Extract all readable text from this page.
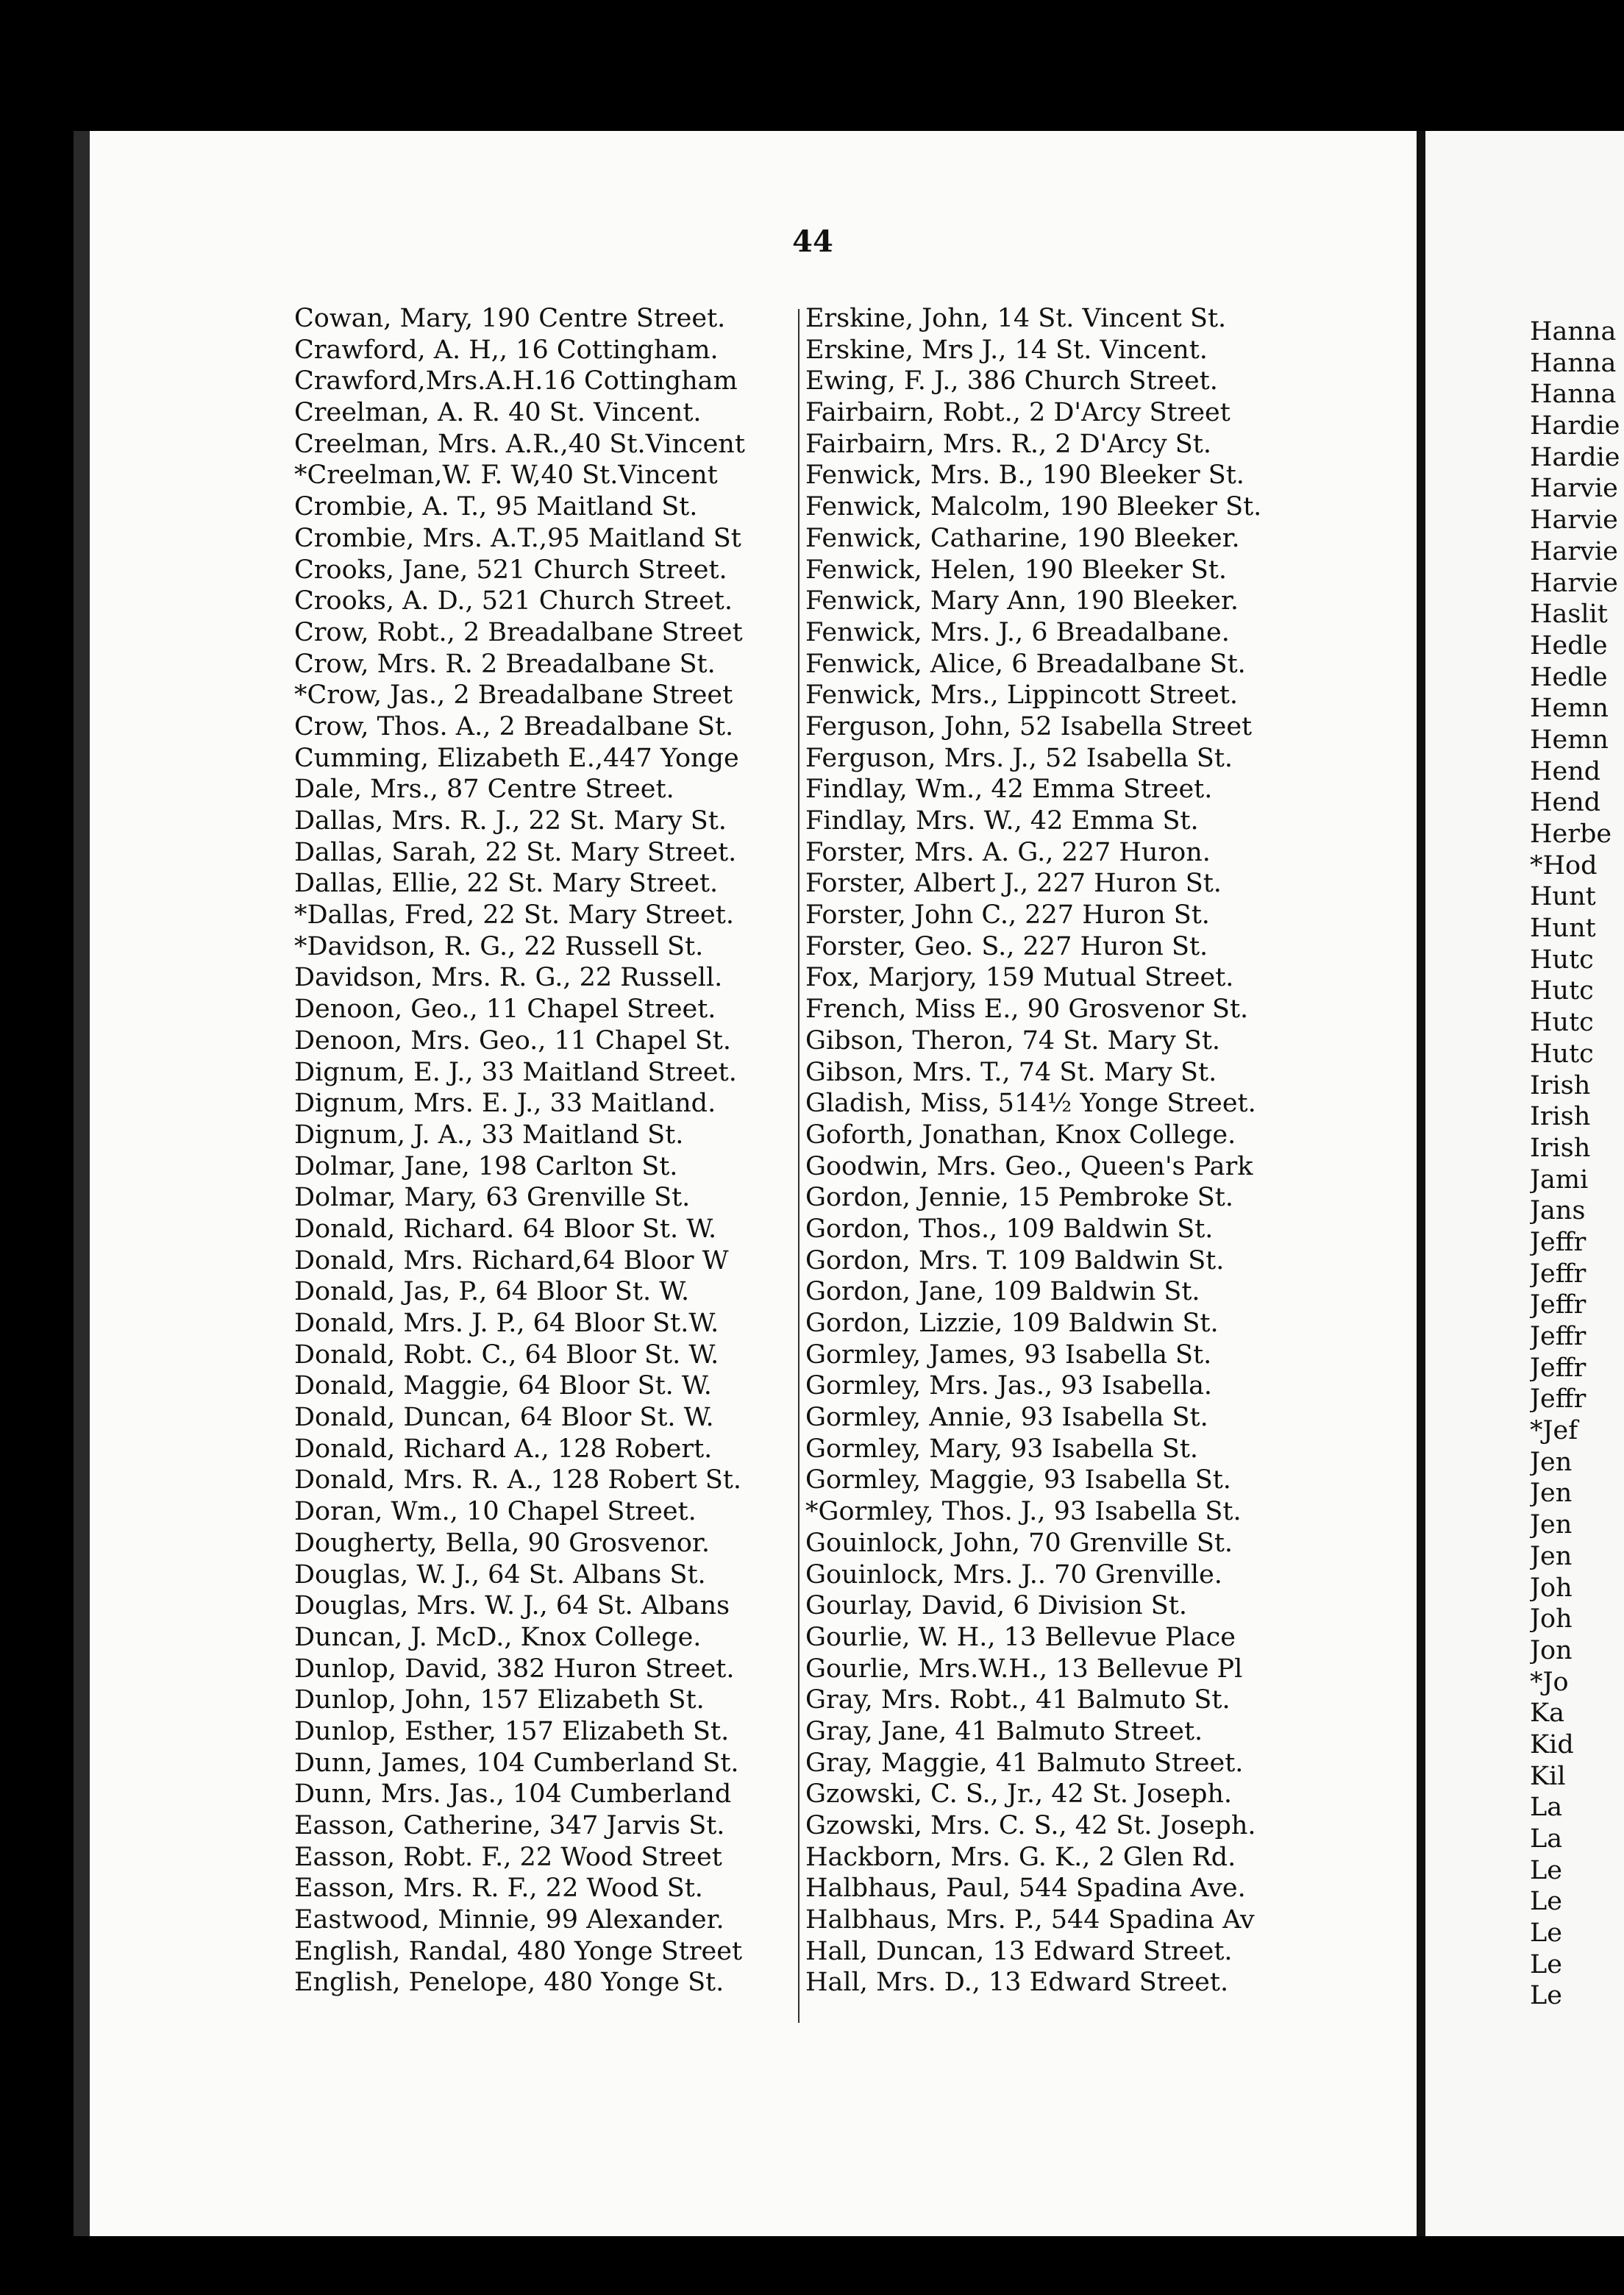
44
Cowan, Mary, 190 Centre Street.
Crawford, A. H,, 16 Cottingham.
Crawford,Mrs.A.H.16 Cottingham
Creelman, A. R. 40 St. Vincent.
Creelman, Mrs. A.R.,40 St.Vincent
*Creelman,W. F. W,40 St.Vincent
Crombie, A. T., 95 Maitland St.
Crombie, Mrs. A.T.,95 Maitland St
Crooks, Jane, 521 Church Street.
Crooks, A. D., 521 Church Street.
Crow, Robt., 2 Breadalbane Street
Crow, Mrs. R. 2 Breadalbane St.
*Crow, Jas., 2 Breadalbane Street
Crow, Thos. A., 2 Breadalbane St.
Cumming, Elizabeth E.,447 Yonge
Dale, Mrs., 87 Centre Street.
Dallas, Mrs. R. J., 22 St. Mary St.
Dallas, Sarah, 22 St. Mary Street.
Dallas, Ellie, 22 St. Mary Street.
*Dallas, Fred, 22 St. Mary Street.
*Davidson, R. G., 22 Russell St.
Davidson, Mrs. R. G., 22 Russell.
Denoon, Geo., 11 Chapel Street.
Denoon, Mrs. Geo., 11 Chapel St.
Dignum, E. J., 33 Maitland Street.
Dignum, Mrs. E. J., 33 Maitland.
Dignum, J. A., 33 Maitland St.
Dolmar, Jane, 198 Carlton St.
Dolmar, Mary, 63 Grenville St.
Donald, Richard. 64 Bloor St. W.
Donald, Mrs. Richard,64 Bloor W
Donald, Jas, P., 64 Bloor St. W.
Donald, Mrs. J. P., 64 Bloor St.W.
Donald, Robt. C., 64 Bloor St. W.
Donald, Maggie, 64 Bloor St. W.
Donald, Duncan, 64 Bloor St. W.
Donald, Richard A., 128 Robert.
Donald, Mrs. R. A., 128 Robert St.
Doran, Wm., 10 Chapel Street.
Dougherty, Bella, 90 Grosvenor.
Douglas, W. J., 64 St. Albans St.
Douglas, Mrs. W. J., 64 St. Albans
Duncan, J. McD., Knox College.
Dunlop, David, 382 Huron Street.
Dunlop, John, 157 Elizabeth St.
Dunlop, Esther, 157 Elizabeth St.
Dunn, James, 104 Cumberland St.
Dunn, Mrs. Jas., 104 Cumberland
Easson, Catherine, 347 Jarvis St.
Easson, Robt. F., 22 Wood Street
Easson, Mrs. R. F., 22 Wood St.
Eastwood, Minnie, 99 Alexander.
English, Randal, 480 Yonge Street
English, Penelope, 480 Yonge St.
Erskine, John, 14 St. Vincent St.
Erskine, Mrs J., 14 St. Vincent.
Ewing, F. J., 386 Church Street.
Fairbairn, Robt., 2 D'Arcy Street
Fairbairn, Mrs. R., 2 D'Arcy St.
Fenwick, Mrs. B., 190 Bleeker St.
Fenwick, Malcolm, 190 Bleeker St.
Fenwick, Catharine, 190 Bleeker.
Fenwick, Helen, 190 Bleeker St.
Fenwick, Mary Ann, 190 Bleeker.
Fenwick, Mrs. J., 6 Breadalbane.
Fenwick, Alice, 6 Breadalbane St.
Fenwick, Mrs., Lippincott Street.
Ferguson, John, 52 Isabella Street
Ferguson, Mrs. J., 52 Isabella St.
Findlay, Wm., 42 Emma Street.
Findlay, Mrs. W., 42 Emma St.
Forster, Mrs. A. G., 227 Huron.
Forster, Albert J., 227 Huron St.
Forster, John C., 227 Huron St.
Forster, Geo. S., 227 Huron St.
Fox, Marjory, 159 Mutual Street.
French, Miss E., 90 Grosvenor St.
Gibson, Theron, 74 St. Mary St.
Gibson, Mrs. T., 74 St. Mary St.
Gladish, Miss, 514½ Yonge Street.
Goforth, Jonathan, Knox College.
Goodwin, Mrs. Geo., Queen's Park
Gordon, Jennie, 15 Pembroke St.
Gordon, Thos., 109 Baldwin St.
Gordon, Mrs. T. 109 Baldwin St.
Gordon, Jane, 109 Baldwin St.
Gordon, Lizzie, 109 Baldwin St.
Gormley, James, 93 Isabella St.
Gormley, Mrs. Jas., 93 Isabella.
Gormley, Annie, 93 Isabella St.
Gormley, Mary, 93 Isabella St.
Gormley, Maggie, 93 Isabella St.
*Gormley, Thos. J., 93 Isabella St.
Gouinlock, John, 70 Grenville St.
Gouinlock, Mrs. J.. 70 Grenville.
Gourlay, David, 6 Division St.
Gourlie, W. H., 13 Bellevue Place
Gourlie, Mrs.W.H., 13 Bellevue Pl
Gray, Mrs. Robt., 41 Balmuto St.
Gray, Jane, 41 Balmuto Street.
Gray, Maggie, 41 Balmuto Street.
Gzowski, C. S., Jr., 42 St. Joseph.
Gzowski, Mrs. C. S., 42 St. Joseph.
Hackborn, Mrs. G. K., 2 Glen Rd.
Halbhaus, Paul, 544 Spadina Ave.
Halbhaus, Mrs. P., 544 Spadina Av
Hall, Duncan, 13 Edward Street.
Hall, Mrs. D., 13 Edward Street.
Hanna
Hanna
Hanna
Hardie
Hardie
Harvie
Harvie
Harvie
Harvie
Haslit
Hedle
Hedle
Hemn
Hemn
Hend
Hend
Herbe
*Hod
Hunt
Hunt
Hutc
Hutc
Hutc
Hutc
Irish
Irish
Irish
Jami
Jans
Jeffr
Jeffr
Jeffr
Jeffr
Jeffr
Jeffr
*Jef
Jen
Jen
Jen
Jen
Joh
Joh
Jon
*Jo
Ka
Kid
Kil
La
La
Le
Le
Le
Le
Le
